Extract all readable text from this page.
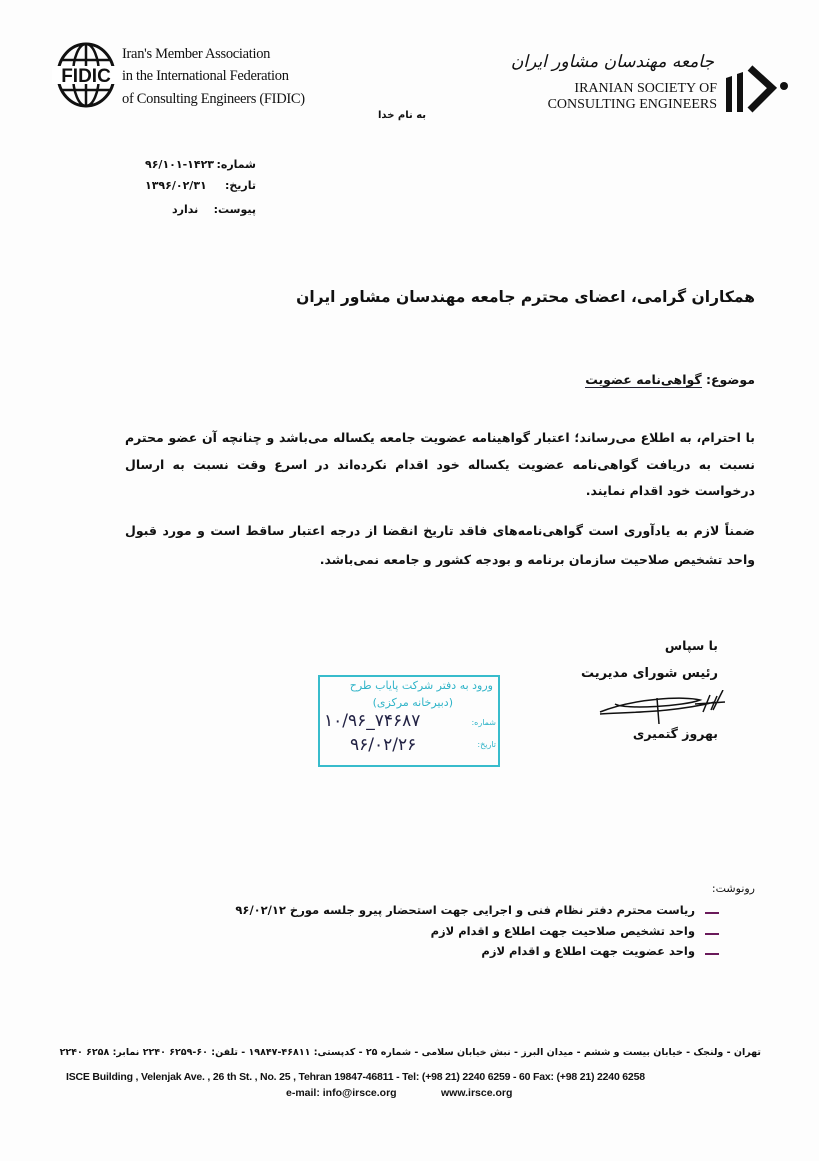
FIDIC
Iran's Member Association
in the International Federation
of Consulting Engineers (FIDIC)
جامعه مهندسان مشاور ایران
IRANIAN SOCIETY OF
CONSULTING ENGINEERS
به نام خدا
شماره:
۹۶/۱۰۱-۱۴۲۳
تاریخ:
۱۳۹۶/۰۲/۳۱
پیوست:
ندارد
همکاران گرامی، اعضای محترم جامعه مهندسان مشاور ایران
موضوع: گواهی‌نامه عضویت
با احترام، به اطلاع می‌رساند؛ اعتبار گواهینامه عضویت جامعه یکساله می‌باشد و چنانچه آن عضو محترم نسبت به دریافت گواهی‌نامه عضویت یکساله خود اقدام نکرده‌اند در اسرع وقت نسبت به ارسال درخواست خود اقدام نمایند.
ضمناً لازم به یادآوری است گواهی‌نامه‌های فاقد تاریخ انقضا از درجه اعتبار ساقط است و مورد قبول واحد تشخیص صلاحیت سازمان برنامه و بودجه کشور و جامعه نمی‌باشد.
با سپاس
رئیس شورای مدیریت
بهروز گتمیری
ورود به دفتر شرکت پایاب طرح
(دبیرخانه مرکزی)
شماره:
۱۰/۹۶_۷۴۶۸۷
تاریخ:
۹۶/۰۲/۲۶
رونوشت:
ریاست محترم دفتر نظام فنی و اجرایی جهت استحضار پیرو جلسه مورخ ۹۶/۰۲/۱۲
واحد تشخیص صلاحیت جهت اطلاع و اقدام لازم
واحد عضویت جهت اطلاع و اقدام لازم
تهران - ولنجک - خیابان بیست و ششم - میدان البرز - نبش خیابان سلامی - شماره ۲۵ - کدپستی: ۴۶۸۱۱-۱۹۸۴۷ - تلفن: ۶۰-۶۲۵۹ ۲۲۴۰ نمابر: ۶۲۵۸ ۲۲۴۰
ISCE Building , Velenjak Ave. , 26 th St. , No. 25 , Tehran 19847-46811 - Tel: (+98 21) 2240 6259 - 60 Fax: (+98 21) 2240 6258
e-mail: info@irsce.org	www.irsce.org
